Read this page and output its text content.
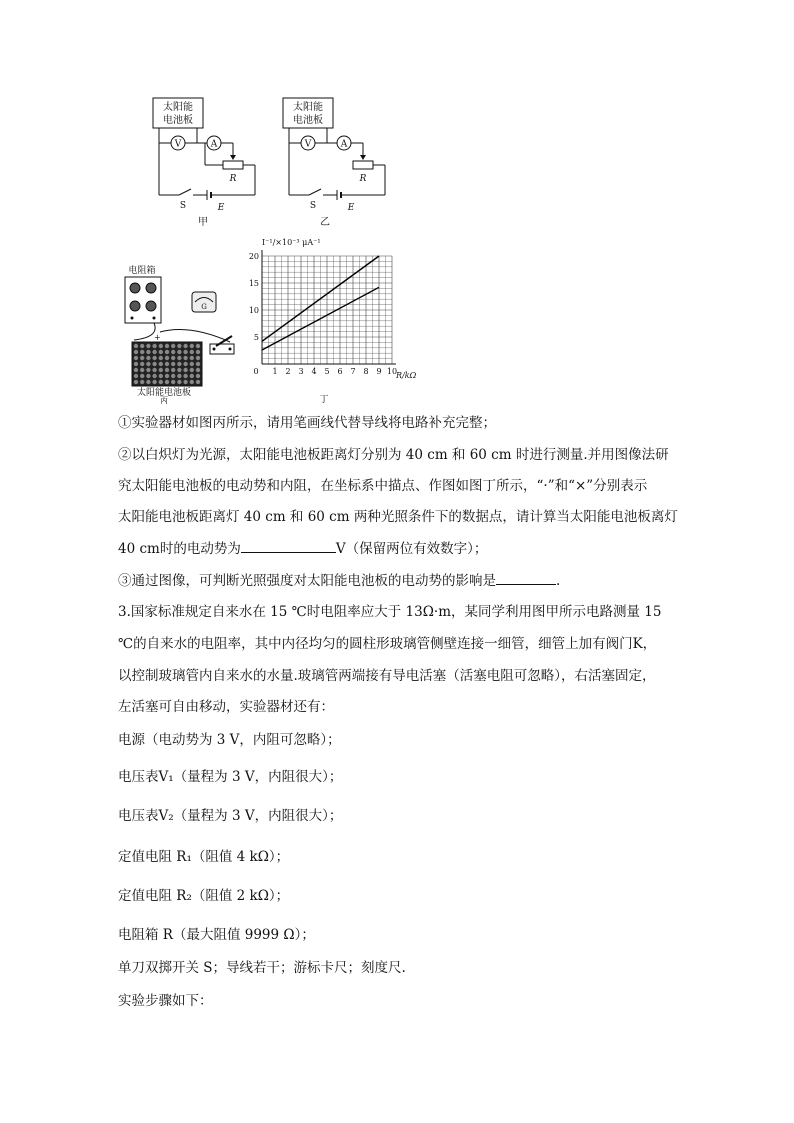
太阳能
电池板
V	A
R
S	E
甲
太阳能
电池板
V	A
R
S	E
乙
电阻箱
G
+
太阳能电池板
丙
0 1 2 3 4 5 6 7 8 9 10
5
10
15
20
I⁻¹/×10⁻³ μA⁻¹
R/kΩ
丁
①实验器材如图丙所示，请用笔画线代替导线将电路补充完整；
②以白炽灯为光源，太阳能电池板距离灯分别为 40 cm 和 60 cm 时进行测量.并用图像法研
究太阳能电池板的电动势和内阻，在坐标系中描点、作图如图丁所示，“·”和“×”分别表示
太阳能电池板距离灯 40 cm 和 60 cm 两种光照条件下的数据点，请计算当太阳能电池板离灯
40 cm时的电动势为	V（保留两位有效数字）；
③通过图像，可判断光照强度对太阳能电池板的电动势的影响是	.
3.国家标准规定自来水在 15 ℃时电阻率应大于 13Ω·m，某同学利用图甲所示电路测量 15
℃的自来水的电阻率，其中内径均匀的圆柱形玻璃管侧壁连接一细管，细管上加有阀门K，
以控制玻璃管内自来水的水量.玻璃管两端接有导电活塞（活塞电阻可忽略），右活塞固定，
左活塞可自由移动，实验器材还有：
电源（电动势为 3 V，内阻可忽略）；
电压表V₁（量程为 3 V，内阻很大）；
电压表V₂（量程为 3 V，内阻很大）；
定值电阻 R₁（阻值 4 kΩ）；
定值电阻 R₂（阻值 2 kΩ）；
电阻箱 R（最大阻值 9999 Ω）；
单刀双掷开关 S；导线若干；游标卡尺；刻度尺.
实验步骤如下：
